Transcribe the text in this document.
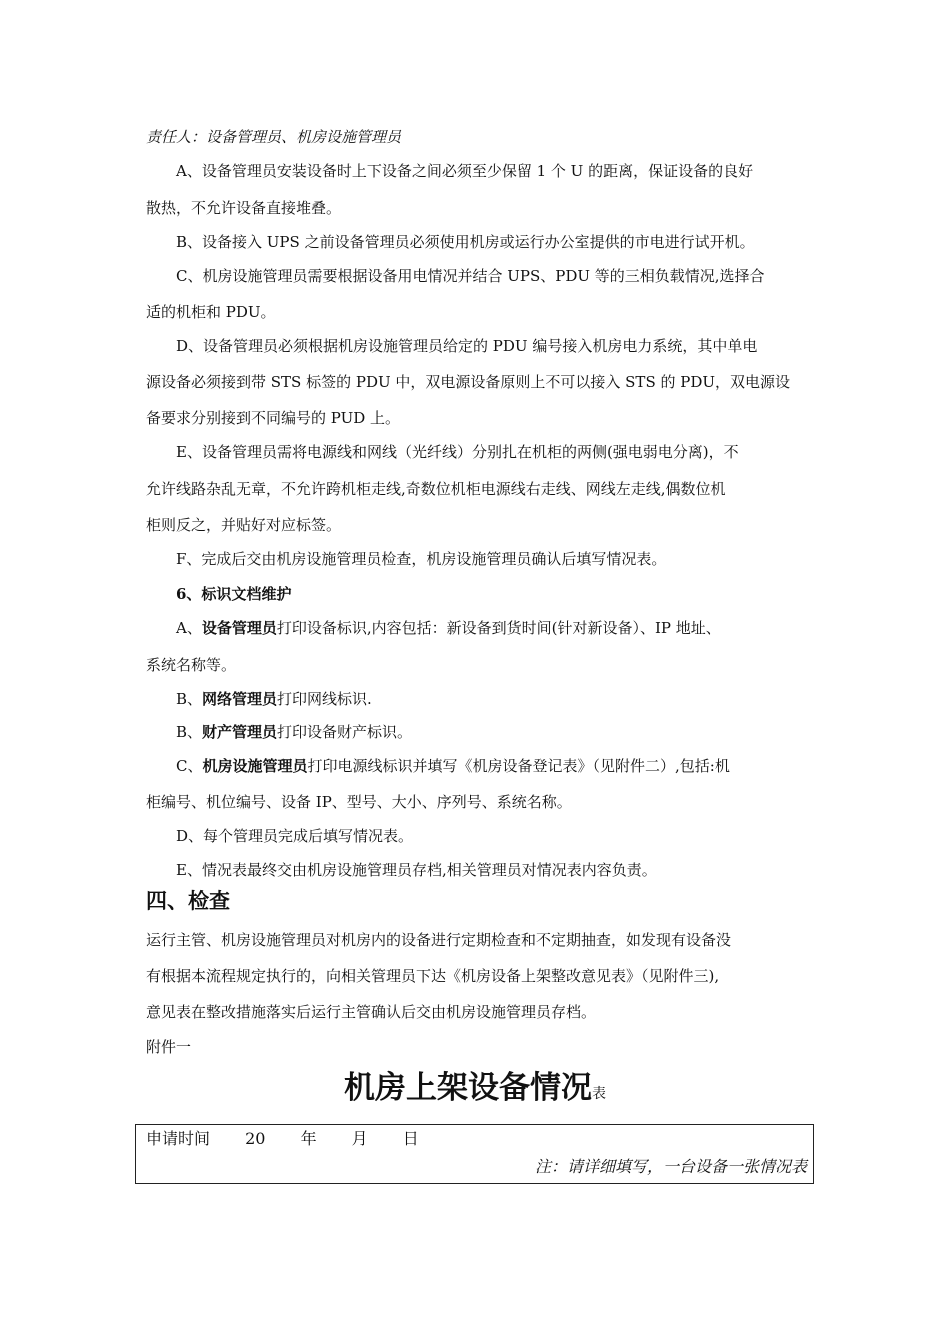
责任人：设备管理员、机房设施管理员
A、设备管理员安装设备时上下设备之间必须至少保留 1 个 U 的距离，保证设备的良好
散热，不允许设备直接堆叠。
B、设备接入 UPS 之前设备管理员必须使用机房或运行办公室提供的市电进行试开机。
C、机房设施管理员需要根据设备用电情况并结合 UPS、PDU 等的三相负载情况,选择合
适的机柜和 PDU。
D、设备管理员必须根据机房设施管理员给定的 PDU 编号接入机房电力系统，其中单电
源设备必须接到带 STS 标签的 PDU 中，双电源设备原则上不可以接入 STS 的 PDU，双电源设
备要求分别接到不同编号的 PUD 上。
E、设备管理员需将电源线和网线（光纤线）分别扎在机柜的两侧(强电弱电分离)，不
允许线路杂乱无章，不允许跨机柜走线,奇数位机柜电源线右走线、网线左走线,偶数位机
柜则反之，并贴好对应标签。
F、完成后交由机房设施管理员检查，机房设施管理员确认后填写情况表。
6、标识文档维护
A、设备管理员打印设备标识,内容包括：新设备到货时间(针对新设备）、IP 地址、
系统名称等。
B、网络管理员打印网线标识.
B、财产管理员打印设备财产标识。
C、机房设施管理员打印电源线标识并填写《机房设备登记表》（见附件二）,包括:机
柜编号、机位编号、设备 IP、型号、大小、序列号、系统名称。
D、每个管理员完成后填写情况表。
E、情况表最终交由机房设施管理员存档,相关管理员对情况表内容负责。
四、检查
运行主管、机房设施管理员对机房内的设备进行定期检查和不定期抽查，如发现有设备没
有根据本流程规定执行的，向相关管理员下达《机房设备上架整改意见表》（见附件三),
意见表在整改措施落实后运行主管确认后交由机房设施管理员存档。
附件一
机房上架设备情况表
申请时间 20 年 月 日
注：请详细填写，一台设备一张情况表
